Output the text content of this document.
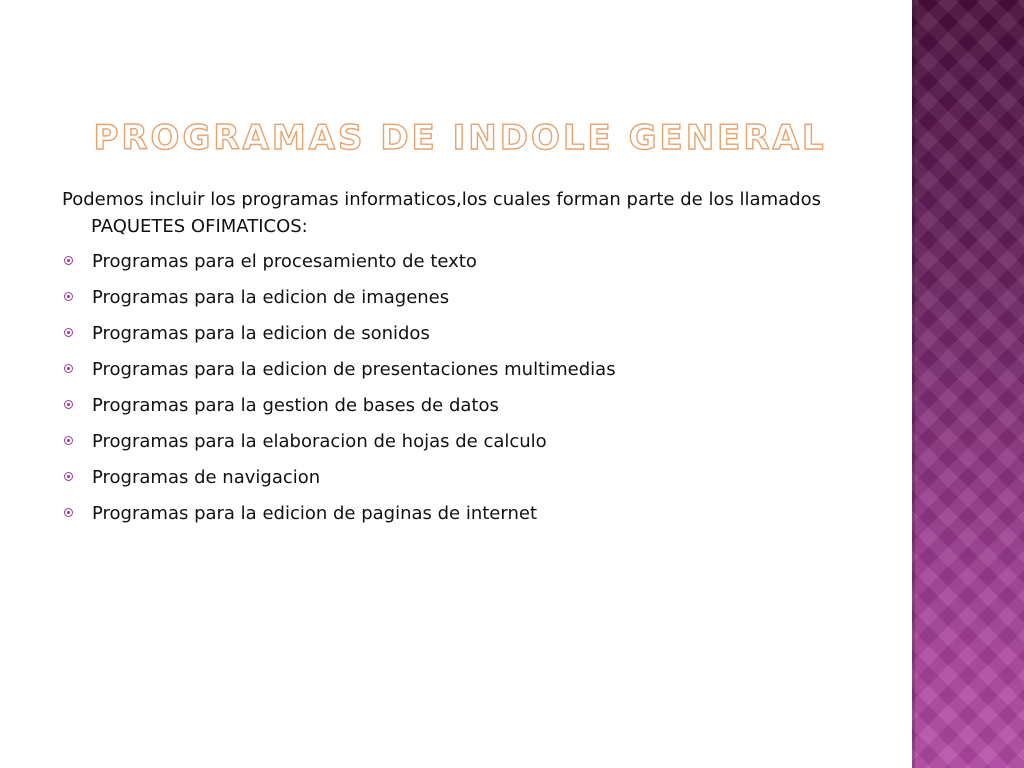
PROGRAMAS DE INDOLE GENERAL

Podemos incluir los programas informaticos,los cuales forman parte de los llamados PAQUETES OFIMATICOS:

Programas para el procesamiento de texto
Programas para la edicion de imagenes
Programas para la edicion de sonidos
Programas para la edicion de presentaciones multimedias
Programas para la gestion de bases de datos
Programas para la elaboracion de hojas de calculo
Programas de navigacion
Programas para la edicion de paginas de internet
